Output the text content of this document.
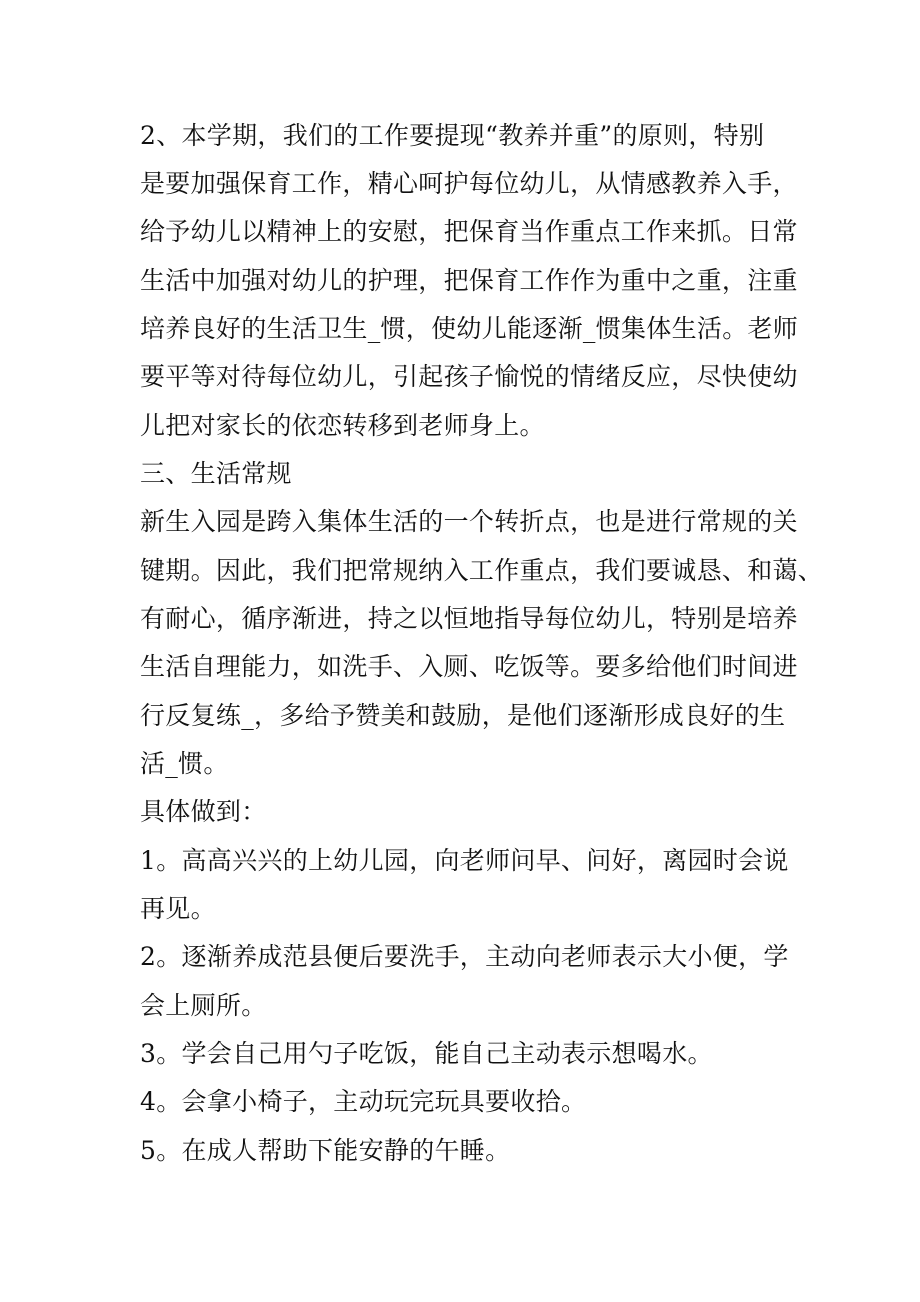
2、本学期，我们的工作要提现“教养并重”的原则，特别
是要加强保育工作，精心呵护每位幼儿，从情感教养入手，
给予幼儿以精神上的安慰，把保育当作重点工作来抓。日常
生活中加强对幼儿的护理，把保育工作作为重中之重，注重
培养良好的生活卫生_惯，使幼儿能逐渐_惯集体生活。老师
要平等对待每位幼儿，引起孩子愉悦的情绪反应，尽快使幼
儿把对家长的依恋转移到老师身上。
三、生活常规
新生入园是跨入集体生活的一个转折点，也是进行常规的关
键期。因此，我们把常规纳入工作重点，我们要诚恳、和蔼、
有耐心，循序渐进，持之以恒地指导每位幼儿，特别是培养
生活自理能力，如洗手、入厕、吃饭等。要多给他们时间进
行反复练_，多给予赞美和鼓励，是他们逐渐形成良好的生
活_惯。
具体做到：
1。高高兴兴的上幼儿园，向老师问早、问好，离园时会说
再见。
2。逐渐养成范县便后要洗手，主动向老师表示大小便，学
会上厕所。
3。学会自己用勺子吃饭，能自己主动表示想喝水。
4。会拿小椅子，主动玩完玩具要收拾。
5。在成人帮助下能安静的午睡。
